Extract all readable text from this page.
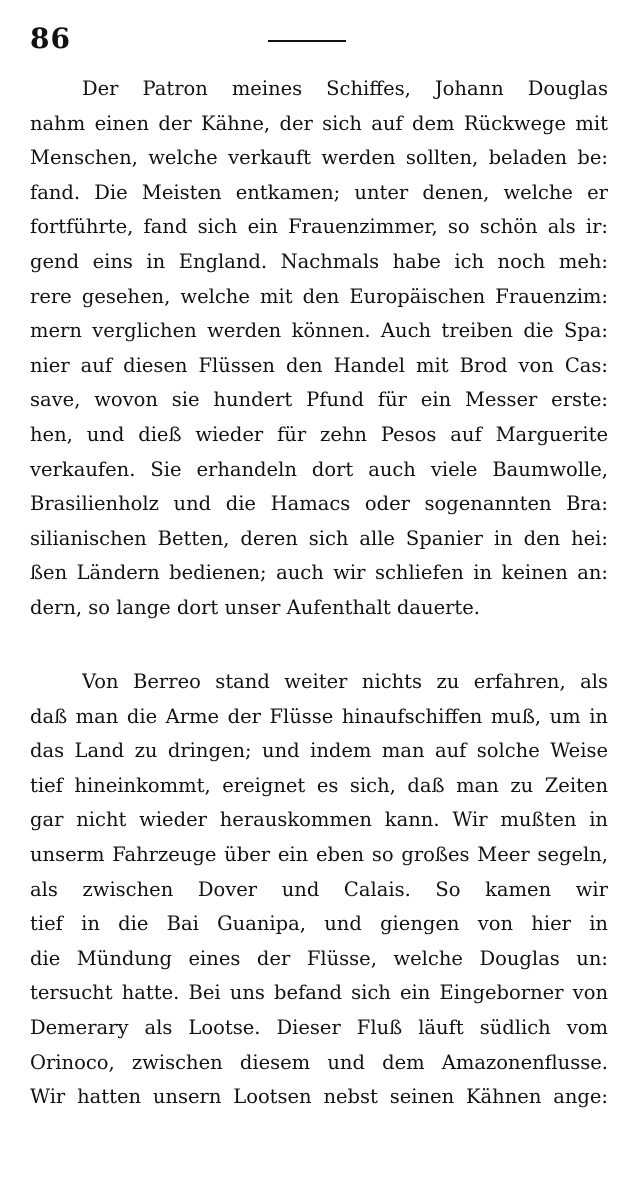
86
Der Patron meines Schiffes, Johann Douglas
nahm einen der Kähne, der sich auf dem Rückwege mit
Menschen, welche verkauft werden sollten, beladen be:
fand. Die Meisten entkamen; unter denen, welche er
fortführte, fand sich ein Frauenzimmer, so schön als ir:
gend eins in England. Nachmals habe ich noch meh:
rere gesehen, welche mit den Europäischen Frauenzim:
mern verglichen werden können. Auch treiben die Spa:
nier auf diesen Flüssen den Handel mit Brod von Cas:
save, wovon sie hundert Pfund für ein Messer erste:
hen, und dieß wieder für zehn Pesos auf Marguerite
verkaufen. Sie erhandeln dort auch viele Baumwolle,
Brasilienholz und die Hamacs oder sogenannten Bra:
silianischen Betten, deren sich alle Spanier in den hei:
ßen Ländern bedienen; auch wir schliefen in keinen an:
dern, so lange dort unser Aufenthalt dauerte.
Von Berreo stand weiter nichts zu erfahren, als
daß man die Arme der Flüsse hinaufschiffen muß, um in
das Land zu dringen; und indem man auf solche Weise
tief hineinkommt, ereignet es sich, daß man zu Zeiten
gar nicht wieder herauskommen kann. Wir mußten in
unserm Fahrzeuge über ein eben so großes Meer segeln,
als zwischen Dover und Calais. So kamen wir
tief in die Bai Guanipa, und giengen von hier in
die Mündung eines der Flüsse, welche Douglas un:
tersucht hatte. Bei uns befand sich ein Eingeborner von
Demerary als Lootse. Dieser Fluß läuft südlich vom
Orinoco, zwischen diesem und dem Amazonenflusse.
Wir hatten unsern Lootsen nebst seinen Kähnen ange:
